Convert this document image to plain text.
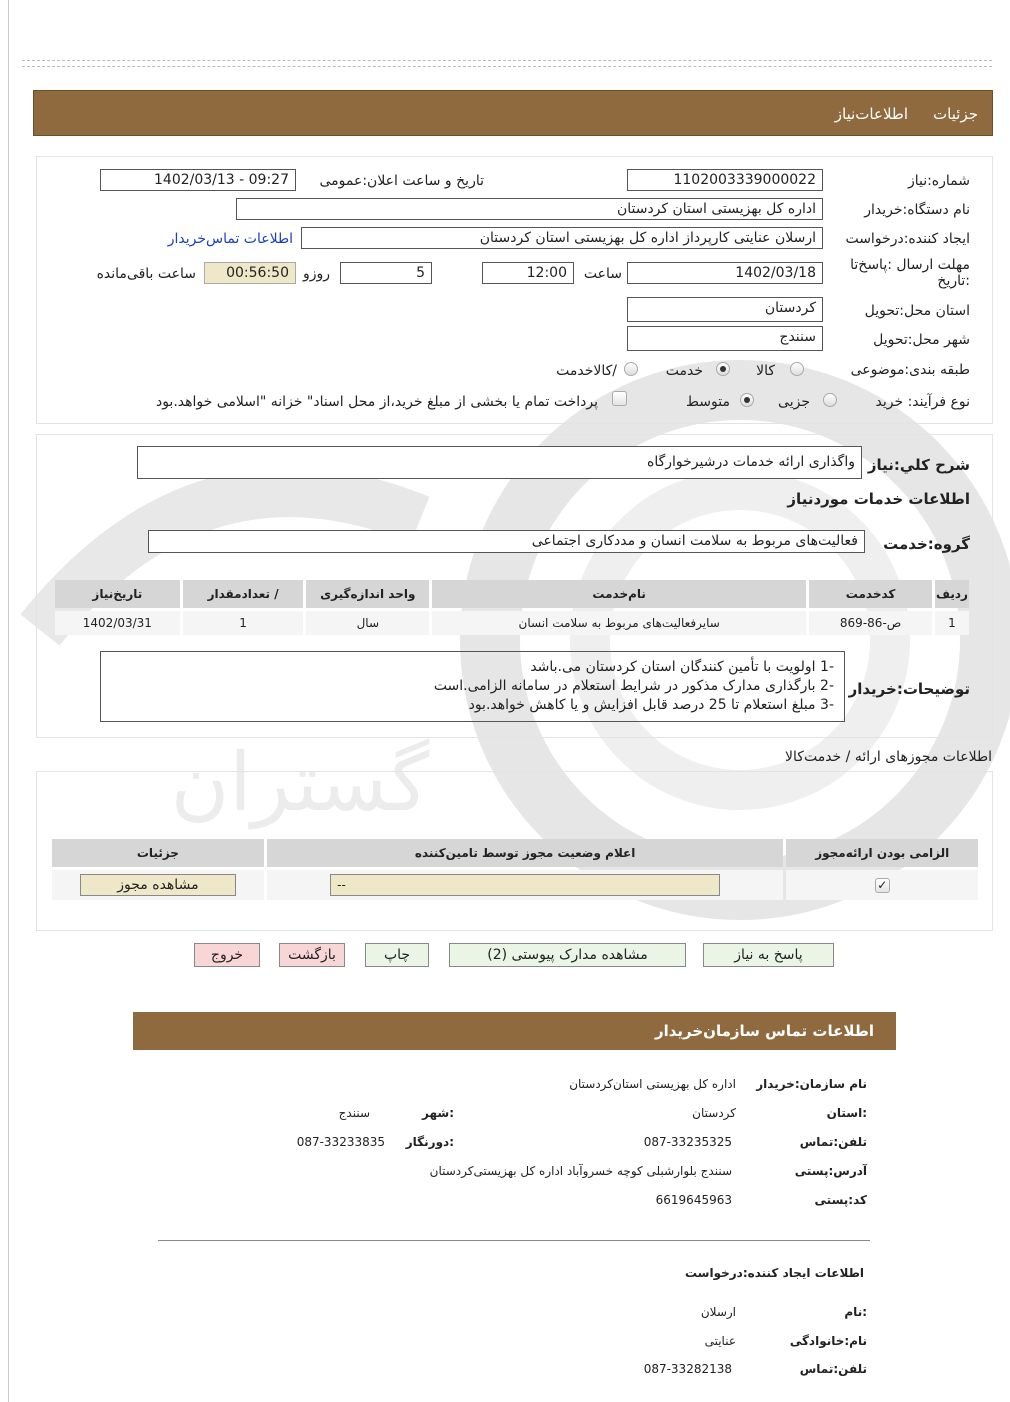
گستران
جزئیات
اطلاعات‌نیاز
شماره:نیاز
1102003339000022
تاریخ و ساعت اعلان:عمومی
1402/03/13 - 09:27
نام دستگاه:خریدار
اداره کل بهزیستی استان کردستان
ایجاد کننده:درخواست
ارسلان عنایتی کارپرداز اداره کل بهزیستی استان کردستان
اطلاعات تماس‌خریدار
مهلت ارسال :پاسخ‌تا :تاریخ
1402/03/18
ساعت
12:00
5
روزو
00:56:50
ساعت باقی‌مانده
استان محل:تحویل
کردستان
شهر محل:تحویل
سنندج
طبقه بندی:موضوعی
کالا
خدمت
/کالاخدمت
نوع فرآیند: خرید
جزیی
متوسط
پرداخت تمام یا بخشی از مبلغ خرید،از محل اسناد" خزانه "اسلامی خواهد.بود
شرح کلي:نیاز
واگذاری ارائه خدمات درشیرخوارگاه
اطلاعات خدمات موردنیاز
گروه:خدمت
فعالیت‌های مربوط به سلامت انسان و مددکاری اجتماعی
ردیف	کدخدمت	نام‌خدمت	واحد اندازه‌گیری	/ تعدادمقدار	تاریخ‌نیاز
1	ص-86-869	سایرفعالیت‌های مربوط به سلامت انسان	سال	1	1402/03/31
توضیحات:خریدار
-1 اولویت با تأمین کنندگان استان کردستان می.باشد
-2 بارگذاری مدارک مذکور در شرایط استعلام در سامانه الزامی.است
-3 مبلغ استعلام تا 25 درصد قابل افزایش و یا کاهش خواهد.بود
اطلاعات مجوزهای ارائه / خدمت‌کالا
الزامی بودن ارائه‌مجوز	اعلام وضعیت مجوز توسط تامین‌کننده	جزئیات
✓	--	مشاهده مجوز
پاسخ به نیاز
مشاهده مدارک پیوستی (2)
چاپ
بازگشت
خروج
اطلاعات تماس سازمان‌خریدار
نام سازمان:خریدار
اداره کل بهزیستی استان‌کردستان
:استان
کردستان
:شهر
سنندج
تلفن:تماس
087-33235325
:دورنگار
087-33233835
آدرس:پستی
سنندج بلوارشبلی کوچه خسروآباد اداره کل بهزیستی‌کردستان
کد:پستی
6619645963
اطلاعات ایجاد کننده:درخواست
:نام
ارسلان
نام:خانوادگی
عنایتی
تلفن:تماس
087-33282138
